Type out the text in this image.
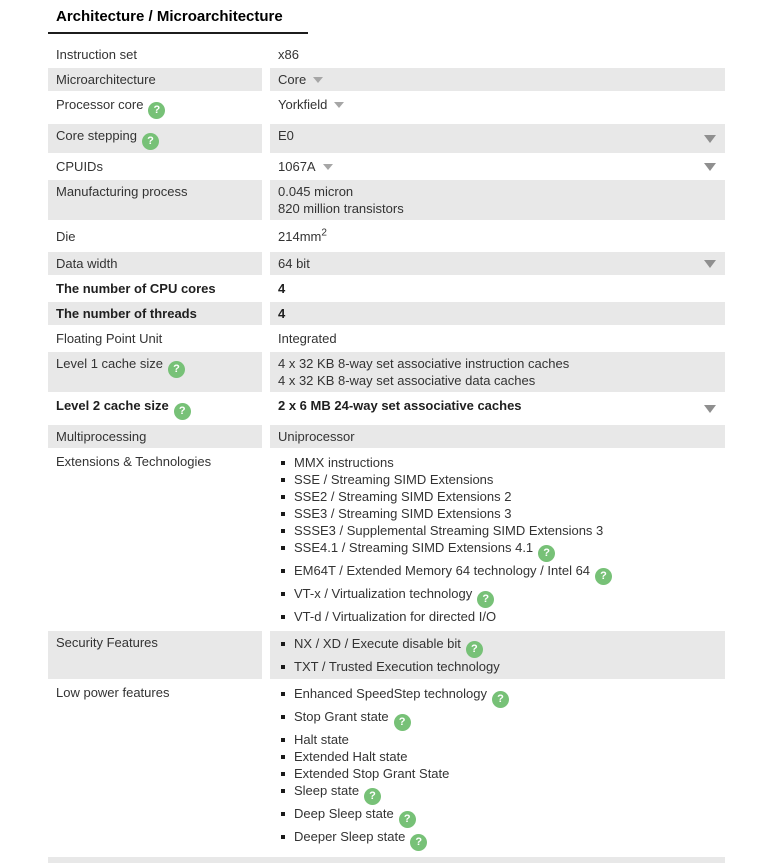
Architecture / Microarchitecture
Instruction set	x86
Microarchitecture	Core
Processor core ?	Yorkfield
Core stepping ?	E0
CPUIDs	1067A
Manufacturing process	0.045 micron
820 million transistors
Die	$214mm^2$
Data width	64 bit
The number of CPU cores	4
The number of threads	4
Floating Point Unit	Integrated
Level 1 cache size ?	4 x 32 KB 8-way set associative instruction caches
4 x 32 KB 8-way set associative data caches
Level 2 cache size ?	2 x 6 MB 24-way set associative caches
Multiprocessing	Uniprocessor
Extensions & Technologies	MMX instructions
SSE / Streaming SIMD Extensions
SSE2 / Streaming SIMD Extensions 2
SSE3 / Streaming SIMD Extensions 3
SSSE3 / Supplemental Streaming SIMD Extensions 3
SSE4.1 / Streaming SIMD Extensions 4.1?
EM64T / Extended Memory 64 technology / Intel 64?
VT-x / Virtualization technology?
VT-d / Virtualization for directed I/O
Security Features	NX / XD / Execute disable bit?
TXT / Trusted Execution technology
Low power features	Enhanced SpeedStep technology?
Stop Grant state?
Halt state
Extended Halt state
Extended Stop Grant State
Sleep state?
Deep Sleep state?
Deeper Sleep state?
